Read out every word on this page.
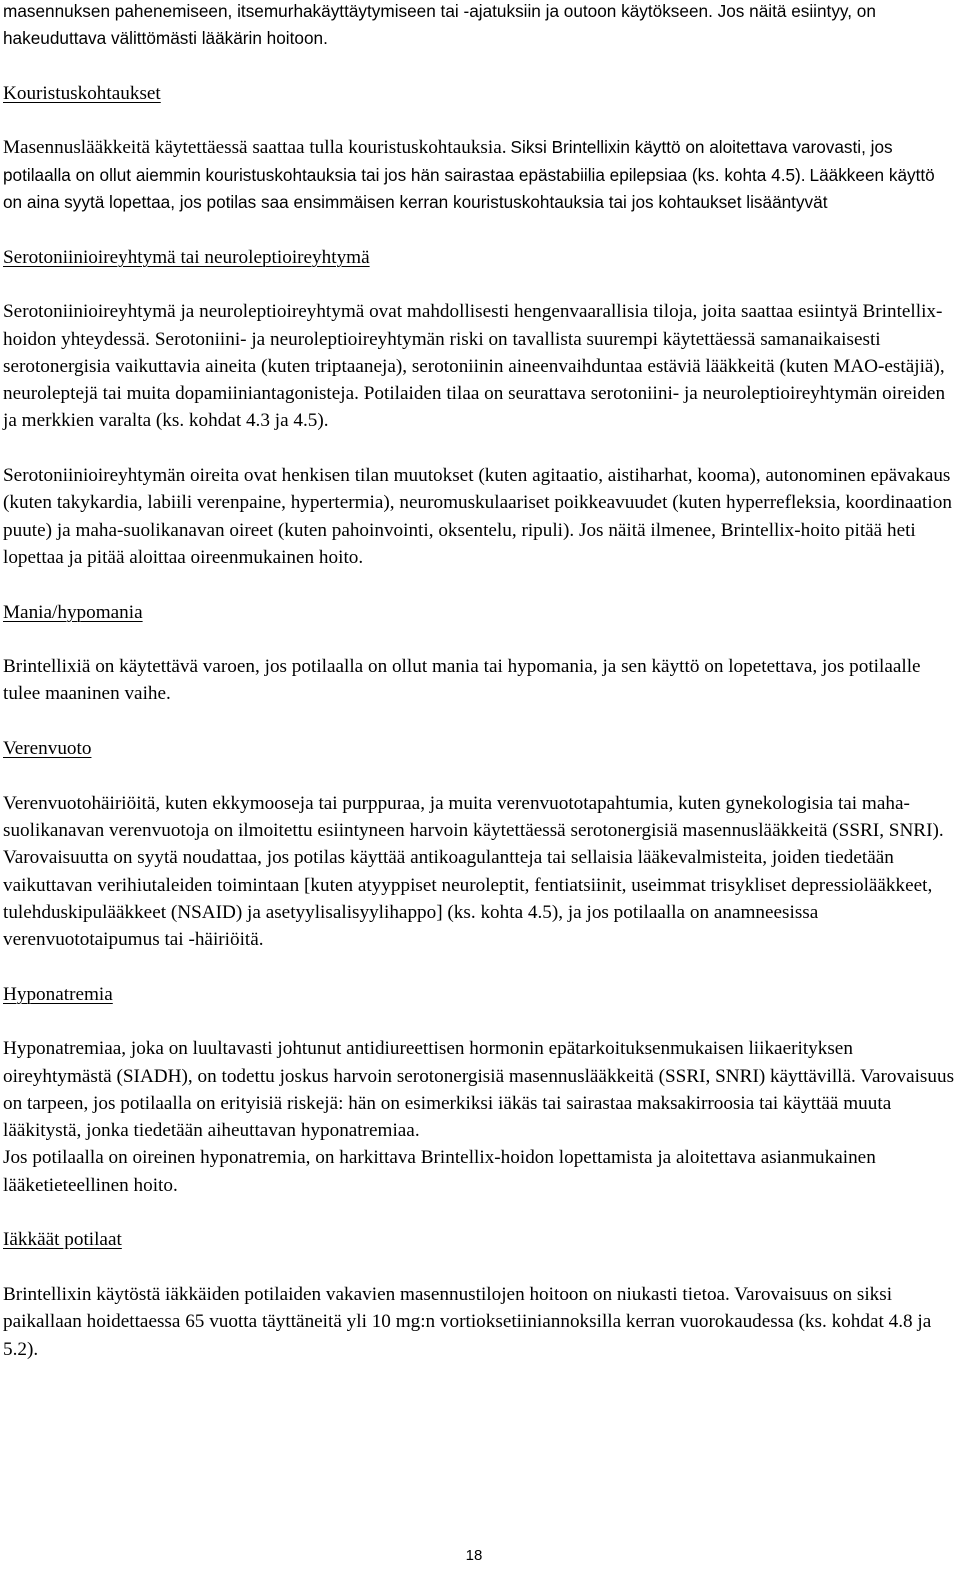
masennuksen pahenemiseen, itsemurhakäyttäytymiseen tai -ajatuksiin ja outoon käytökseen. Jos näitä esiintyy, on hakeuduttava välittömästi lääkärin hoitoon.

Kouristuskohtaukset

Masennuslääkkeitä käytettäessä saattaa tulla kouristuskohtauksia. Siksi Brintellixin käyttö on aloitettava varovasti, jos potilaalla on ollut aiemmin kouristuskohtauksia tai jos hän sairastaa epästabiilia epilepsiaa (ks. kohta 4.5). Lääkkeen käyttö on aina syytä lopettaa, jos potilas saa ensimmäisen kerran kouristuskohtauksia tai jos kohtaukset lisääntyvät

Serotoniinioireyhtymä tai neuroleptioireyhtymä

Serotoniinioireyhtymä ja neuroleptioireyhtymä ovat mahdollisesti hengenvaarallisia tiloja, joita saattaa esiintyä Brintellix-hoidon yhteydessä. Serotoniini- ja neuroleptioireyhtymän riski on tavallista suurempi käytettäessä samanaikaisesti serotonergisia vaikuttavia aineita (kuten triptaaneja), serotoniinin aineenvaihduntaa estäviä lääkkeitä (kuten MAO-estäjiä), neuroleptejä tai muita dopamiiniantagonisteja. Potilaiden tilaa on seurattava serotoniini- ja neuroleptioireyhtymän oireiden ja merkkien varalta (ks. kohdat 4.3 ja 4.5).

Serotoniinioireyhtymän oireita ovat henkisen tilan muutokset (kuten agitaatio, aistiharhat, kooma), autonominen epävakaus (kuten takykardia, labiili verenpaine, hypertermia), neuromuskulaariset poikkeavuudet (kuten hyperrefleksia, koordinaation puute) ja maha-suolikanavan oireet (kuten pahoinvointi, oksentelu, ripuli). Jos näitä ilmenee, Brintellix-hoito pitää heti lopettaa ja pitää aloittaa oireenmukainen hoito.

Mania/hypomania

Brintellixiä on käytettävä varoen, jos potilaalla on ollut mania tai hypomania, ja sen käyttö on lopetettava, jos potilaalle tulee maaninen vaihe.

Verenvuoto

Verenvuotohäiriöitä, kuten ekkymooseja tai purppuraa, ja muita verenvuototapahtumia, kuten gynekologisia tai maha-suolikanavan verenvuotoja on ilmoitettu esiintyneen harvoin käytettäessä serotonergisiä masennuslääkkeitä (SSRI, SNRI). Varovaisuutta on syytä noudattaa, jos potilas käyttää antikoagulantteja tai sellaisia lääkevalmisteita, joiden tiedetään vaikuttavan verihiutaleiden toimintaan [kuten atyyppiset neuroleptit, fentiatsiinit, useimmat trisykliset depressiolääkkeet, tulehduskipulääkkeet (NSAID) ja asetyylisalisyylihappo] (ks. kohta 4.5), ja jos potilaalla on anamneesissa verenvuototaipumus tai -häiriöitä.

Hyponatremia

Hyponatremiaa, joka on luultavasti johtunut antidiureettisen hormonin epätarkoituksenmukaisen liikaerityksen oireyhtymästä (SIADH), on todettu joskus harvoin serotonergisiä masennuslääkkeitä (SSRI, SNRI) käyttävillä. Varovaisuus on tarpeen, jos potilaalla on erityisiä riskejä: hän on esimerkiksi iäkäs tai sairastaa maksakirroosia tai käyttää muuta lääkitystä, jonka tiedetään aiheuttavan hyponatremiaa.

Jos potilaalla on oireinen hyponatremia, on harkittava Brintellix-hoidon lopettamista ja aloitettava asianmukainen lääketieteellinen hoito.

Iäkkäät potilaat

Brintellixin käytöstä iäkkäiden potilaiden vakavien masennustilojen hoitoon on niukasti tietoa. Varovaisuus on siksi paikallaan hoidettaessa 65 vuotta täyttäneitä yli 10 mg:n vortioksetiiniannoksilla kerran vuorokaudessa (ks. kohdat 4.8 ja 5.2).

18
